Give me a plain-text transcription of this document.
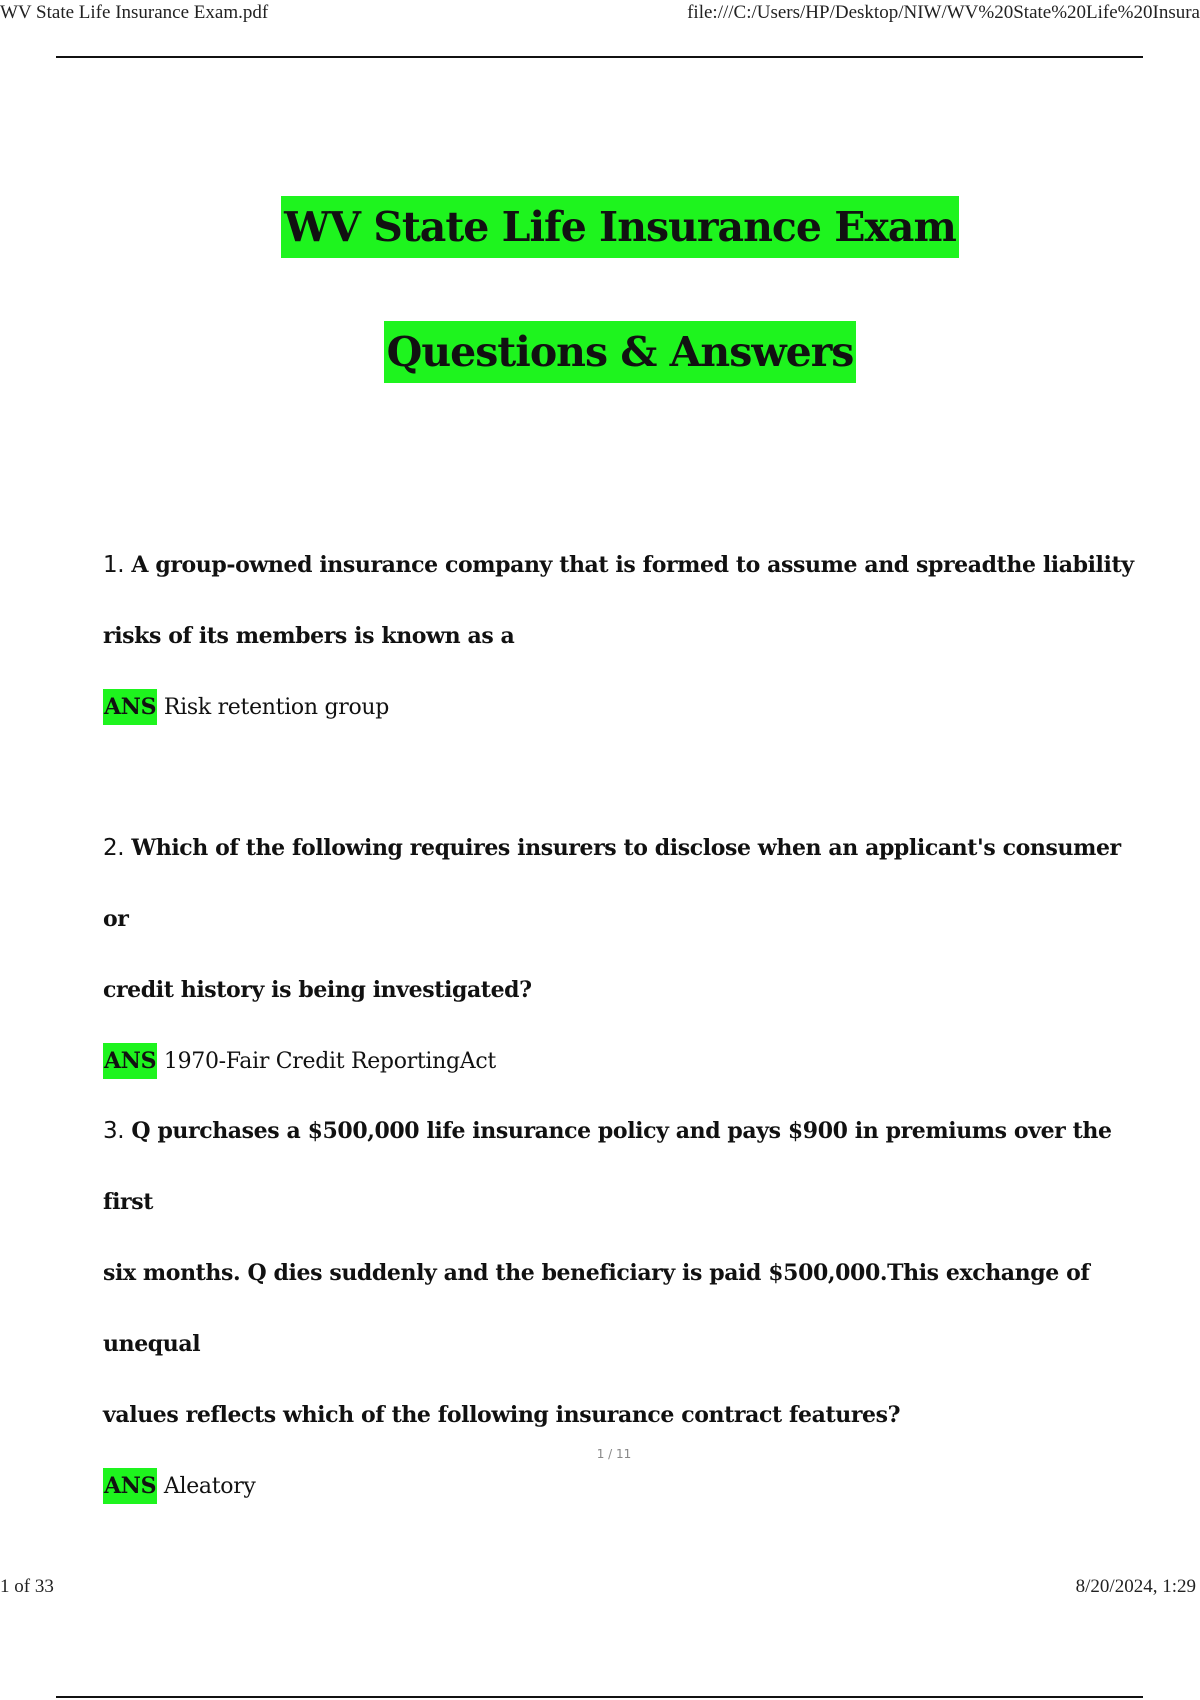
WV State Life Insurance Exam.pdf	file:///C:/Users/HP/Desktop/NIW/WV%20State%20Life%20Insura
WV State Life Insurance Exam
Questions & Answers

1. A group-owned insurance company that is formed to assume and spreadthe liability

risks of its members is known as a

ANS Risk retention group

2. Which of the following requires insurers to disclose when an applicant's consumer or

credit history is being investigated?

ANS 1970-Fair Credit ReportingAct

3. Q purchases a $500,000 life insurance policy and pays $900 in premiums over the first

six months. Q dies suddenly and the beneficiary is paid $500,000.This exchange of unequal

values reflects which of the following insurance contract features?

ANS Aleatory

1 / 11
1 of 33	8/20/2024, 1:29
